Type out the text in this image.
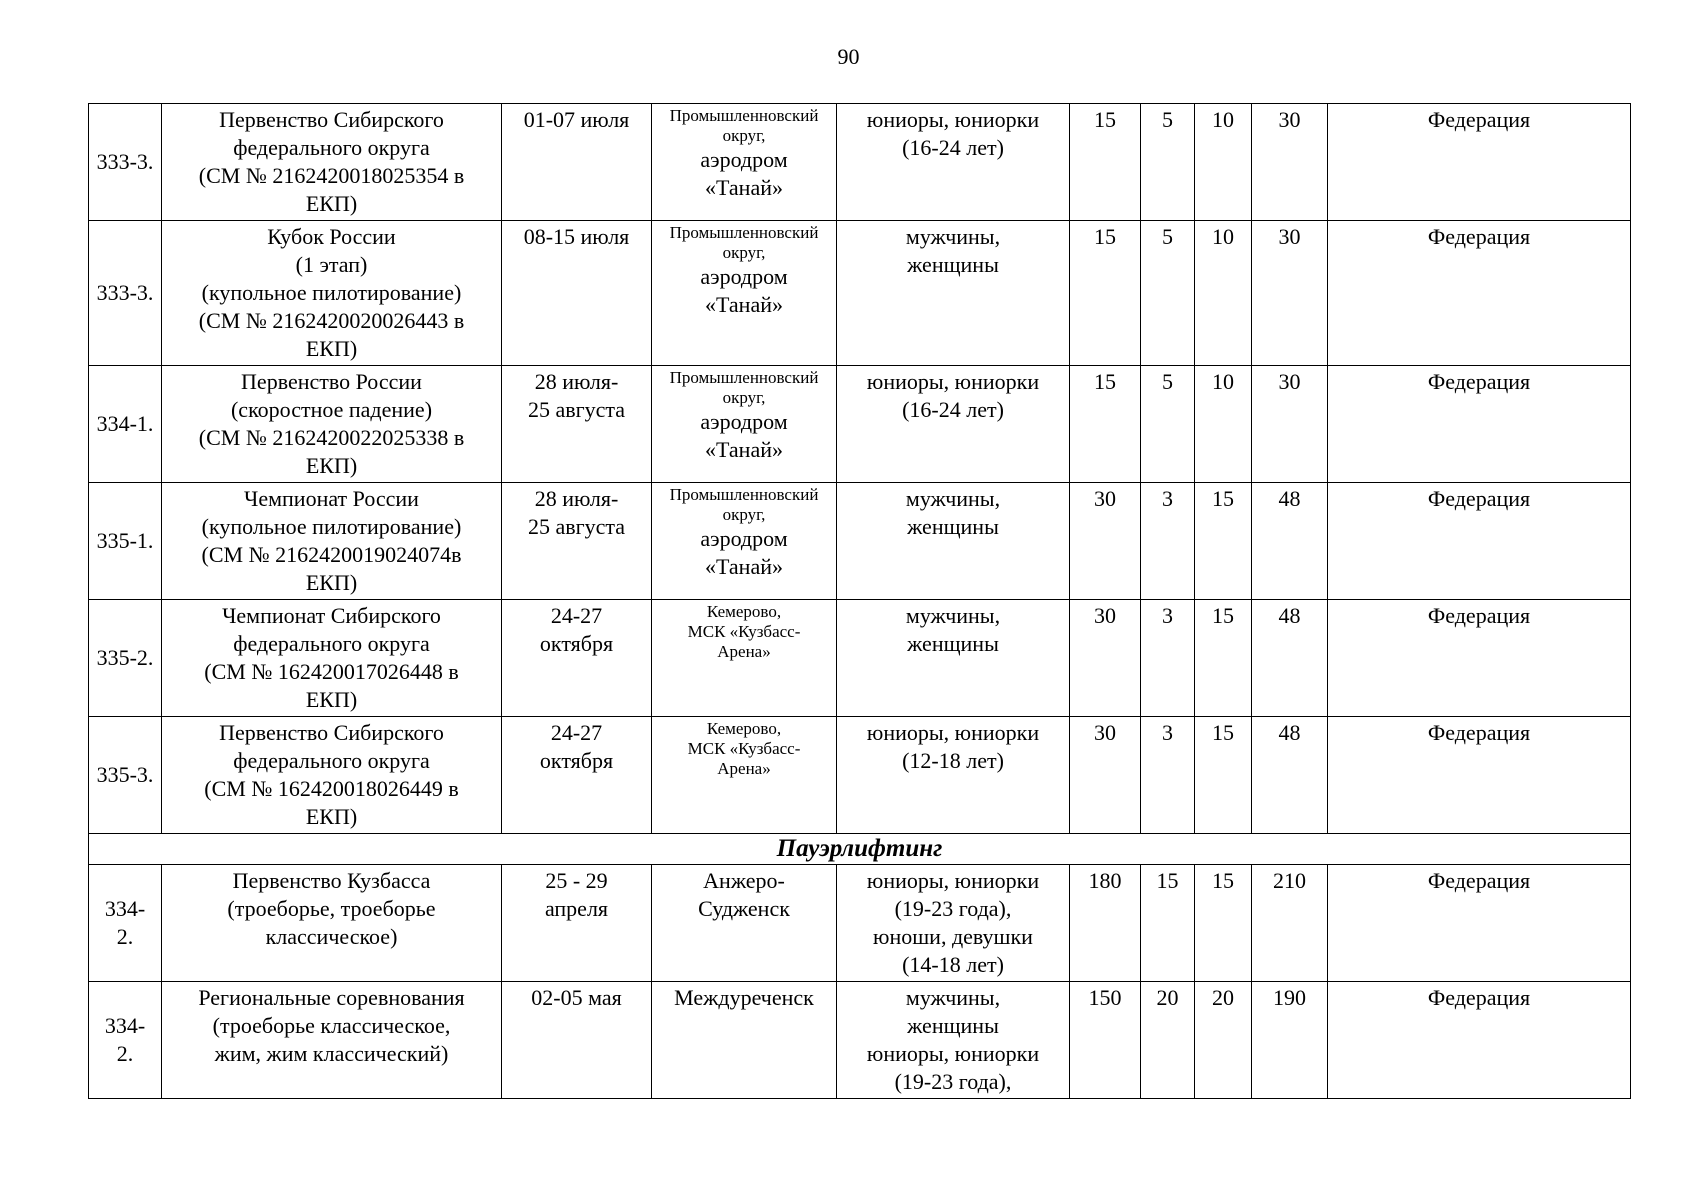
90
333-3.	Первенство Сибирского
федерального округа
(СМ № 2162420018025354 в
ЕКП)	01-07 июля	Промышленновский
округ,
аэродром
«Танай»	юниоры, юниорки
(16-24 лет)	15	5	10	30	Федерация
333-3.	Кубок России
(1 этап)
(купольное пилотирование)
(СМ № 2162420020026443 в
ЕКП)	08-15 июля	Промышленновский
округ,
аэродром
«Танай»	мужчины,
женщины	15	5	10	30	Федерация
334-1.	Первенство России
(скоростное падение)
(СМ № 2162420022025338 в
ЕКП)	28 июля-
25 августа	Промышленновский
округ,
аэродром
«Танай»	юниоры, юниорки
(16-24 лет)	15	5	10	30	Федерация
335-1.	Чемпионат России
(купольное пилотирование)
(СМ № 2162420019024074в
ЕКП)	28 июля-
25 августа	Промышленновский
округ,
аэродром
«Танай»	мужчины,
женщины	30	3	15	48	Федерация
335-2.	Чемпионат Сибирского
федерального округа
(СМ № 162420017026448 в
ЕКП)	24-27
октября	Кемерово,
МСК «Кузбасс-
Арена»	мужчины,
женщины	30	3	15	48	Федерация
335-3.	Первенство Сибирского
федерального округа
(СМ № 162420018026449 в
ЕКП)	24-27
октября	Кемерово,
МСК «Кузбасс-
Арена»	юниоры, юниорки
(12-18 лет)	30	3	15	48	Федерация
Пауэрлифтинг									

334-
2.	Первенство Кузбасса
(троеборье, троеборье
классическое)	25 - 29
апреля	Анжеро-
Судженск	юниоры, юниорки
(19-23 года),
юноши, девушки
(14-18 лет)	180	15	15	210	Федерация

334-
2.	Региональные соревнования
(троеборье классическое,
жим, жим классический)	02-05 мая	Междуреченск	мужчины,
женщины
юниоры, юниорки
(19-23 года),	150	20	20	190	Федерация
